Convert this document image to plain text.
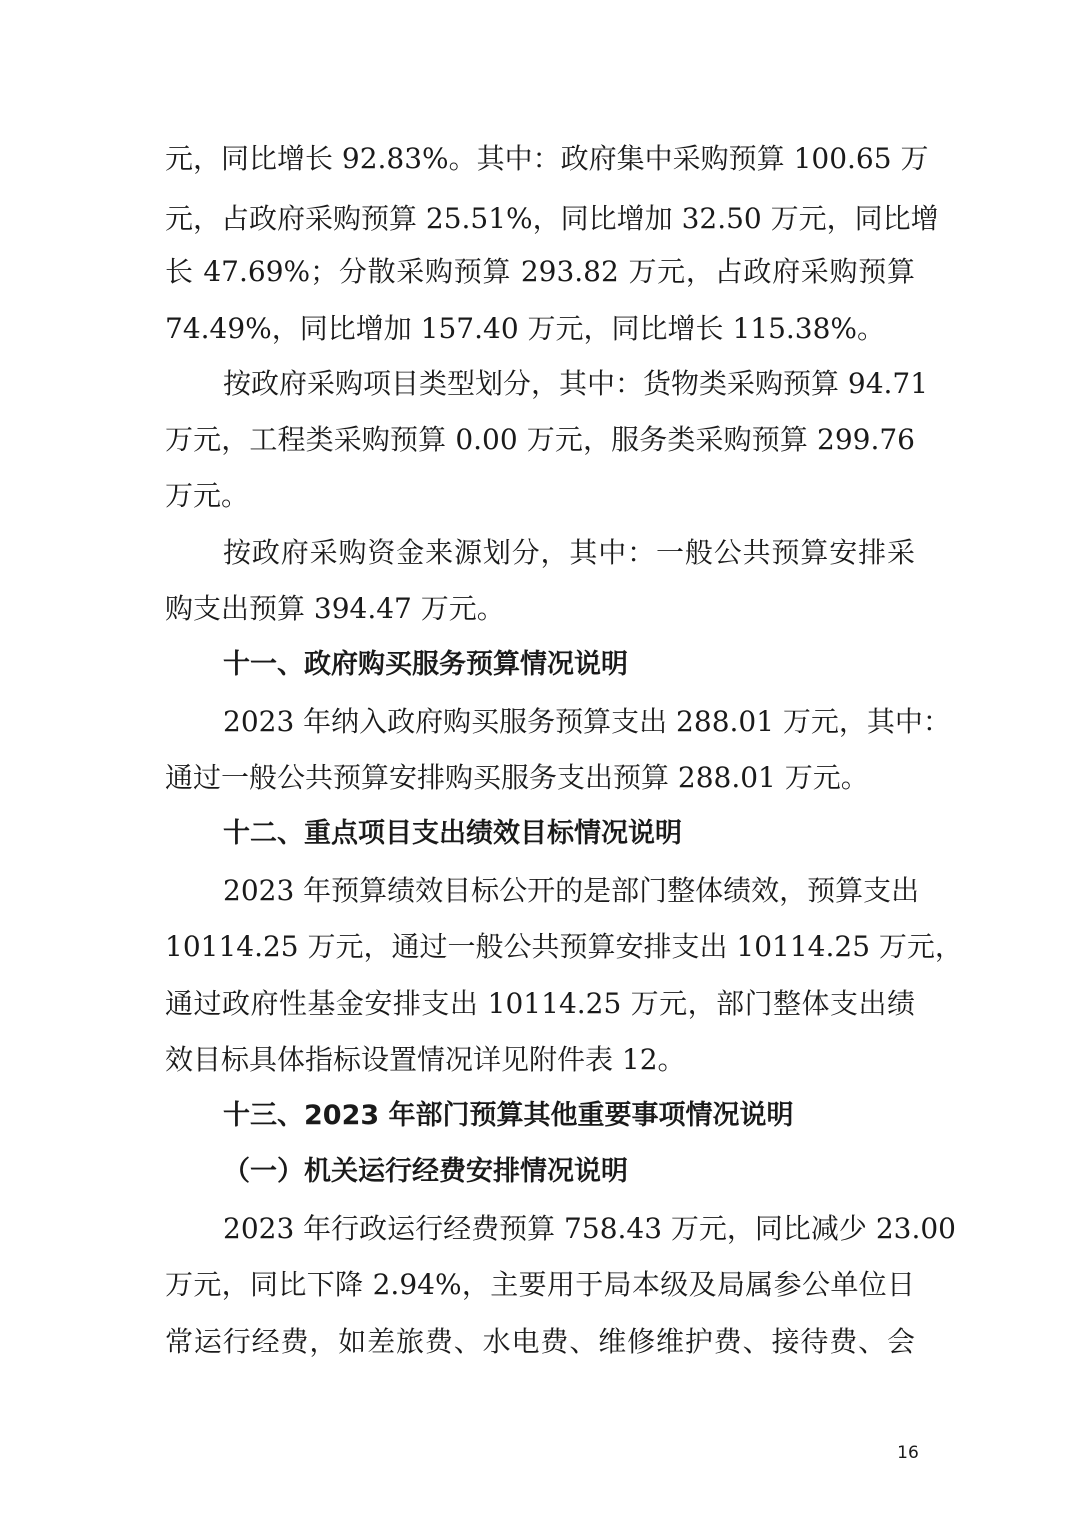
元，同比增长 92.83%。其中：政府集中采购预算 100.65 万
元，占政府采购预算 25.51%，同比增加 32.50 万元，同比增
长 47.69%；分散采购预算 293.82 万元，占政府采购预算
74.49%，同比增加 157.40 万元，同比增长 115.38%。
按政府采购项目类型划分，其中：货物类采购预算 94.71
万元，工程类采购预算 0.00 万元，服务类采购预算 299.76
万元。
按政府采购资金来源划分，其中：一般公共预算安排采
购支出预算 394.47 万元。
十一、政府购买服务预算情况说明
2023 年纳入政府购买服务预算支出 288.01 万元，其中：
通过一般公共预算安排购买服务支出预算 288.01 万元。
十二、重点项目支出绩效目标情况说明
2023 年预算绩效目标公开的是部门整体绩效，预算支出
10114.25 万元，通过一般公共预算安排支出 10114.25 万元，
通过政府性基金安排支出 10114.25 万元，部门整体支出绩
效目标具体指标设置情况详见附件表 12。
十三、2023 年部门预算其他重要事项情况说明
（一）机关运行经费安排情况说明
2023 年行政运行经费预算 758.43 万元，同比减少 23.00
万元，同比下降 2.94%，主要用于局本级及局属参公单位日
常运行经费，如差旅费、水电费、维修维护费、接待费、会
16
